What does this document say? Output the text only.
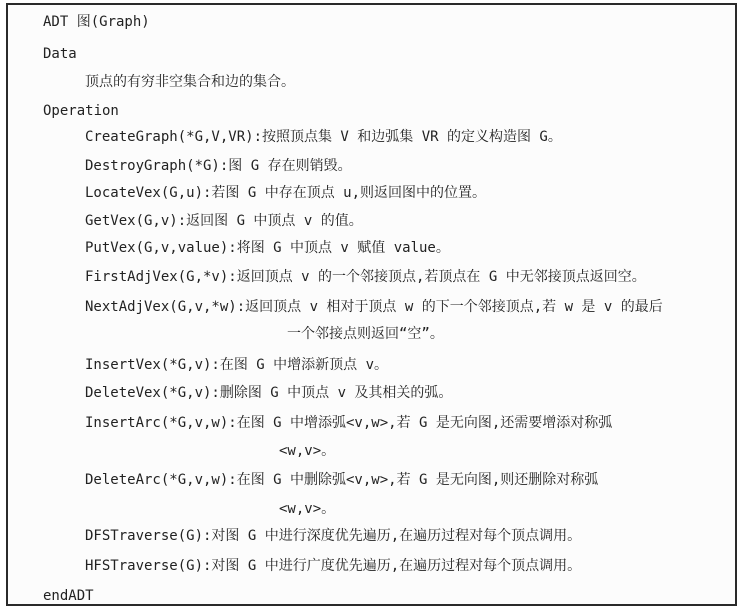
ADT 图(Graph)
Data
顶点的有穷非空集合和边的集合。
Operation
CreateGraph(*G,V,VR):按照顶点集 V 和边弧集 VR 的定义构造图 G。
DestroyGraph(*G):图 G 存在则销毁。
LocateVex(G,u):若图 G 中存在顶点 u,则返回图中的位置。
GetVex(G,v):返回图 G 中顶点 v 的值。
PutVex(G,v,value):将图 G 中顶点 v 赋值 value。
FirstAdjVex(G,*v):返回顶点 v 的一个邻接顶点,若顶点在 G 中无邻接顶点返回空。
NextAdjVex(G,v,*w):返回顶点 v 相对于顶点 w 的下一个邻接顶点,若 w 是 v 的最后
一个邻接点则返回“空”。
InsertVex(*G,v):在图 G 中增添新顶点 v。
DeleteVex(*G,v):删除图 G 中顶点 v 及其相关的弧。
InsertArc(*G,v,w):在图 G 中增添弧<v,w>,若 G 是无向图,还需要增添对称弧
<w,v>。
DeleteArc(*G,v,w):在图 G 中删除弧<v,w>,若 G 是无向图,则还删除对称弧
<w,v>。
DFSTraverse(G):对图 G 中进行深度优先遍历,在遍历过程对每个顶点调用。
HFSTraverse(G):对图 G 中进行广度优先遍历,在遍历过程对每个顶点调用。
endADT
